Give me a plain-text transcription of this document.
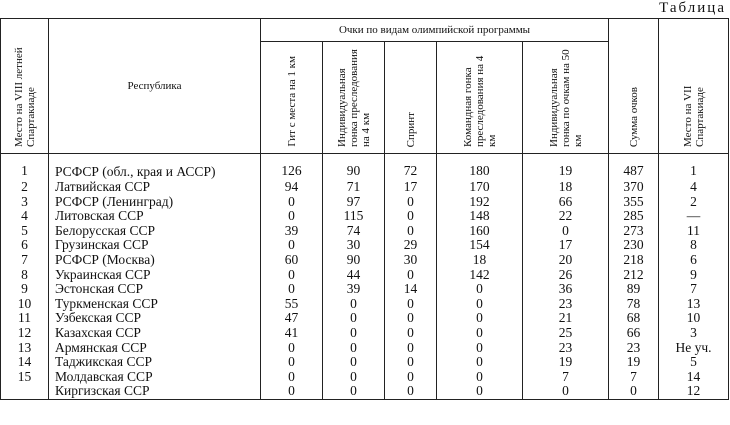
Таблица
Место на VIII летней Спартакиаде	Республика	Очки по видам олимпийской программы					Сумма очков	Место на VII Спартакиаде
		Гит с места на 1 км	Индивидуальная гонка преследования на 4 км	Спринт	Командная гонка преследования на 4 км	Индивидуальная гонка по очкам на 50 км		
1	РСФСР (обл., края и АССР)	126	90	72	180	19	487	1
2	Латвийская ССР	94	71	17	170	18	370	4
3	РСФСР (Ленинград)	0	97	0	192	66	355	2
4	Литовская ССР	0	115	0	148	22	285	—
5	Белорусская ССР	39	74	0	160	0	273	11
6	Грузинская ССР	0	30	29	154	17	230	8
7	РСФСР (Москва)	60	90	30	18	20	218	6
8	Украинская ССР	0	44	0	142	26	212	9
9	Эстонская ССР	0	39	14	0	36	89	7
10	Туркменская ССР	55	0	0	0	23	78	13
11	Узбекская ССР	47	0	0	0	21	68	10
12	Казахская ССР	41	0	0	0	25	66	3
13	Армянская ССР	0	0	0	0	23	23	Не уч.
14	Таджикская ССР	0	0	0	0	19	19	5
15	Молдавская ССР	0	0	0	0	7	7	14
	Киргизская ССР	0	0	0	0	0	0	12
